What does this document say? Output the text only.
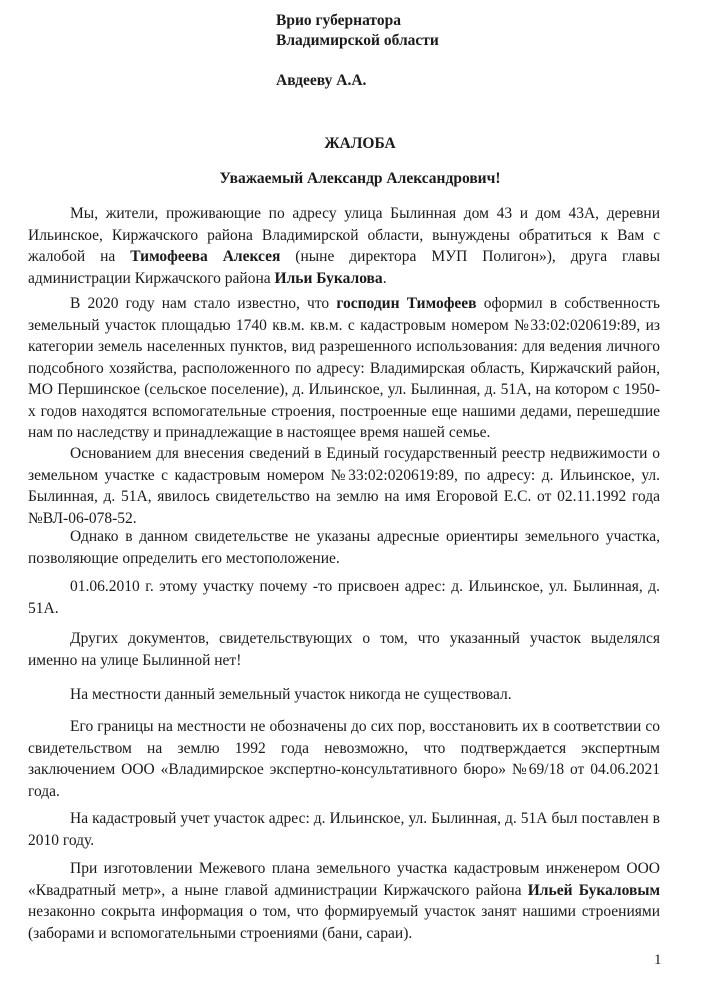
Врио губернатора
Владимирской области
Авдееву А.А.
ЖАЛОБА
Уважаемый Александр Александрович!
Мы, жители, проживающие по адресу улица Былинная дом 43 и дом 43А, деревни Ильинское, Киржачского района Владимирской области, вынуждены обратиться к Вам с жалобой на Тимофеева Алексея (ныне директора МУП Полигон»), друга главы администрации Киржачского района Ильи Букалова.
В 2020 году нам стало известно, что господин Тимофеев оформил в собственность земельный участок площадью 1740 кв.м. кв.м. с кадастровым номером №33:02:020619:89, из категории земель населенных пунктов, вид разрешенного использования: для ведения личного подсобного хозяйства, расположенного по адресу: Владимирская область, Киржачский район, МО Першинское (сельское поселение), д. Ильинское, ул. Былинная, д. 51А, на котором с 1950-х годов находятся вспомогательные строения, построенные еще нашими дедами, перешедшие нам по наследству и принадлежащие в настоящее время нашей семье.
Основанием для внесения сведений в Единый государственный реестр недвижимости о земельном участке с кадастровым номером №33:02:020619:89, по адресу: д. Ильинское, ул. Былинная, д. 51А, явилось свидетельство на землю на имя Егоровой Е.С. от 02.11.1992 года №ВЛ-06-078-52.
Однако в данном свидетельстве не указаны адресные ориентиры земельного участка, позволяющие определить его местоположение.
01.06.2010 г. этому участку почему -то присвоен адрес: д. Ильинское, ул. Былинная, д. 51А.
Других документов, свидетельствующих о том, что указанный участок выделялся именно на улице Былинной нет!
На местности данный земельный участок никогда не существовал.
Его границы на местности не обозначены до сих пор, восстановить их в соответствии со свидетельством на землю 1992 года невозможно, что подтверждается экспертным заключением ООО «Владимирское экспертно-консультативного бюро» №69/18 от 04.06.2021 года.
На кадастровый учет участок адрес: д. Ильинское, ул. Былинная, д. 51А был поставлен в 2010 году.
При изготовлении Межевого плана земельного участка кадастровым инженером ООО «Квадратный метр», а ныне главой администрации Киржачского района Ильей Букаловым незаконно сокрыта информация о том, что формируемый участок занят нашими строениями (заборами и вспомогательными строениями (бани, сараи).
1
